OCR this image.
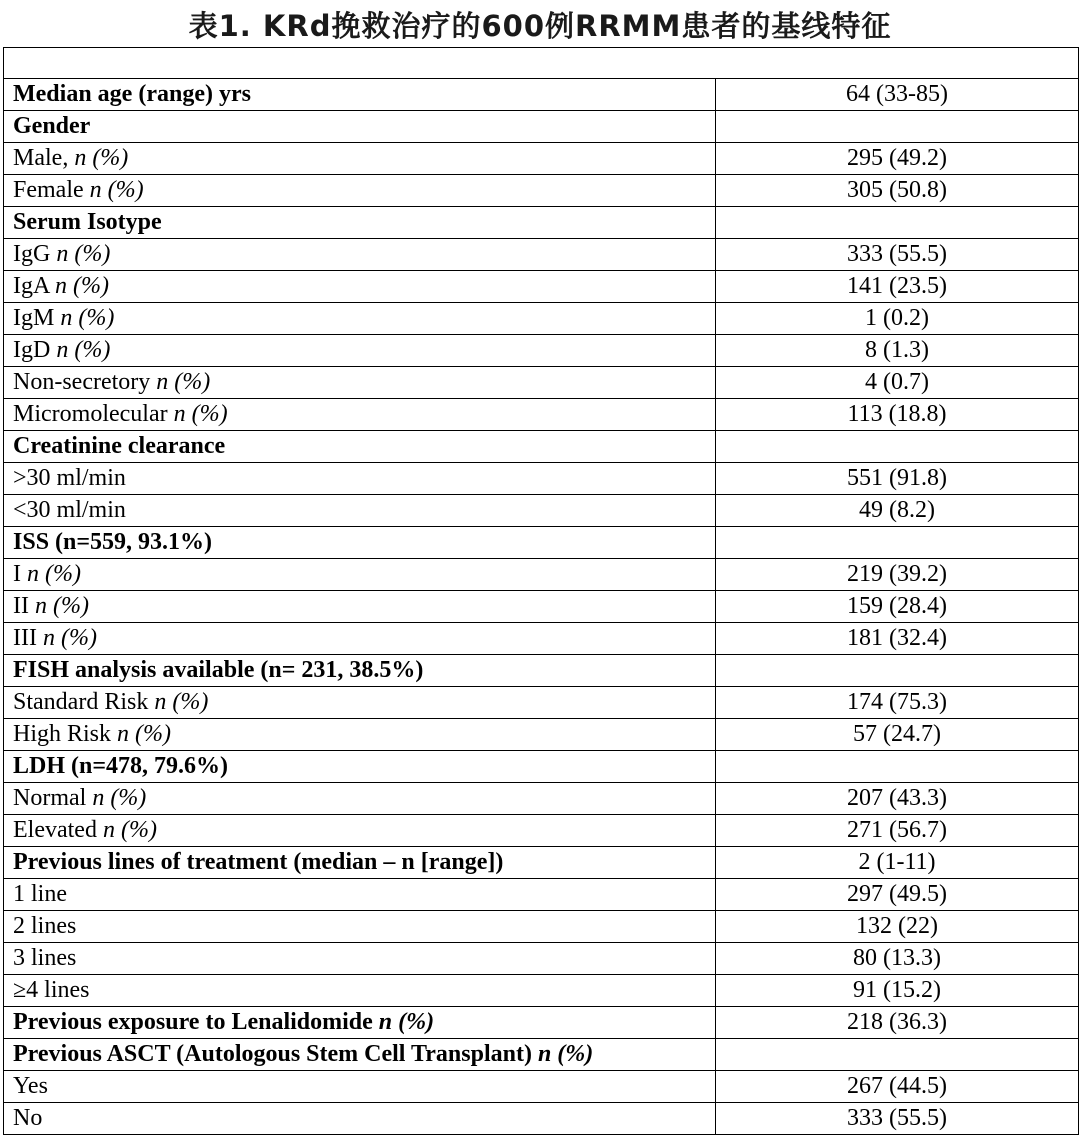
表1. KRd挽救治疗的600例RRMM患者的基线特征

Median age (range) yrs	64 (33-85)
Gender	
Male, n (%)	295 (49.2)
Female n (%)	305 (50.8)
Serum Isotype	
IgG n (%)	333 (55.5)
IgA n (%)	141 (23.5)
IgM n (%)	1 (0.2)
IgD n (%)	8 (1.3)
Non-secretory n (%)	4 (0.7)
Micromolecular n (%)	113 (18.8)
Creatinine clearance	
>30 ml/min	551 (91.8)
<30 ml/min	49 (8.2)
ISS (n=559, 93.1%)	
I n (%)	219 (39.2)
II n (%)	159 (28.4)
III n (%)	181 (32.4)
FISH analysis available (n= 231, 38.5%)	
Standard Risk n (%)	174 (75.3)
High Risk n (%)	57 (24.7)
LDH (n=478, 79.6%)	
Normal n (%)	207 (43.3)
Elevated n (%)	271 (56.7)
Previous lines of treatment (median – n [range])	2 (1-11)
1 line	297 (49.5)
2 lines	132 (22)
3 lines	80 (13.3)
≥4 lines	91 (15.2)
Previous exposure to Lenalidomide n (%)	218 (36.3)
Previous ASCT (Autologous Stem Cell Transplant) n (%)	
Yes	267 (44.5)
No	333 (55.5)
